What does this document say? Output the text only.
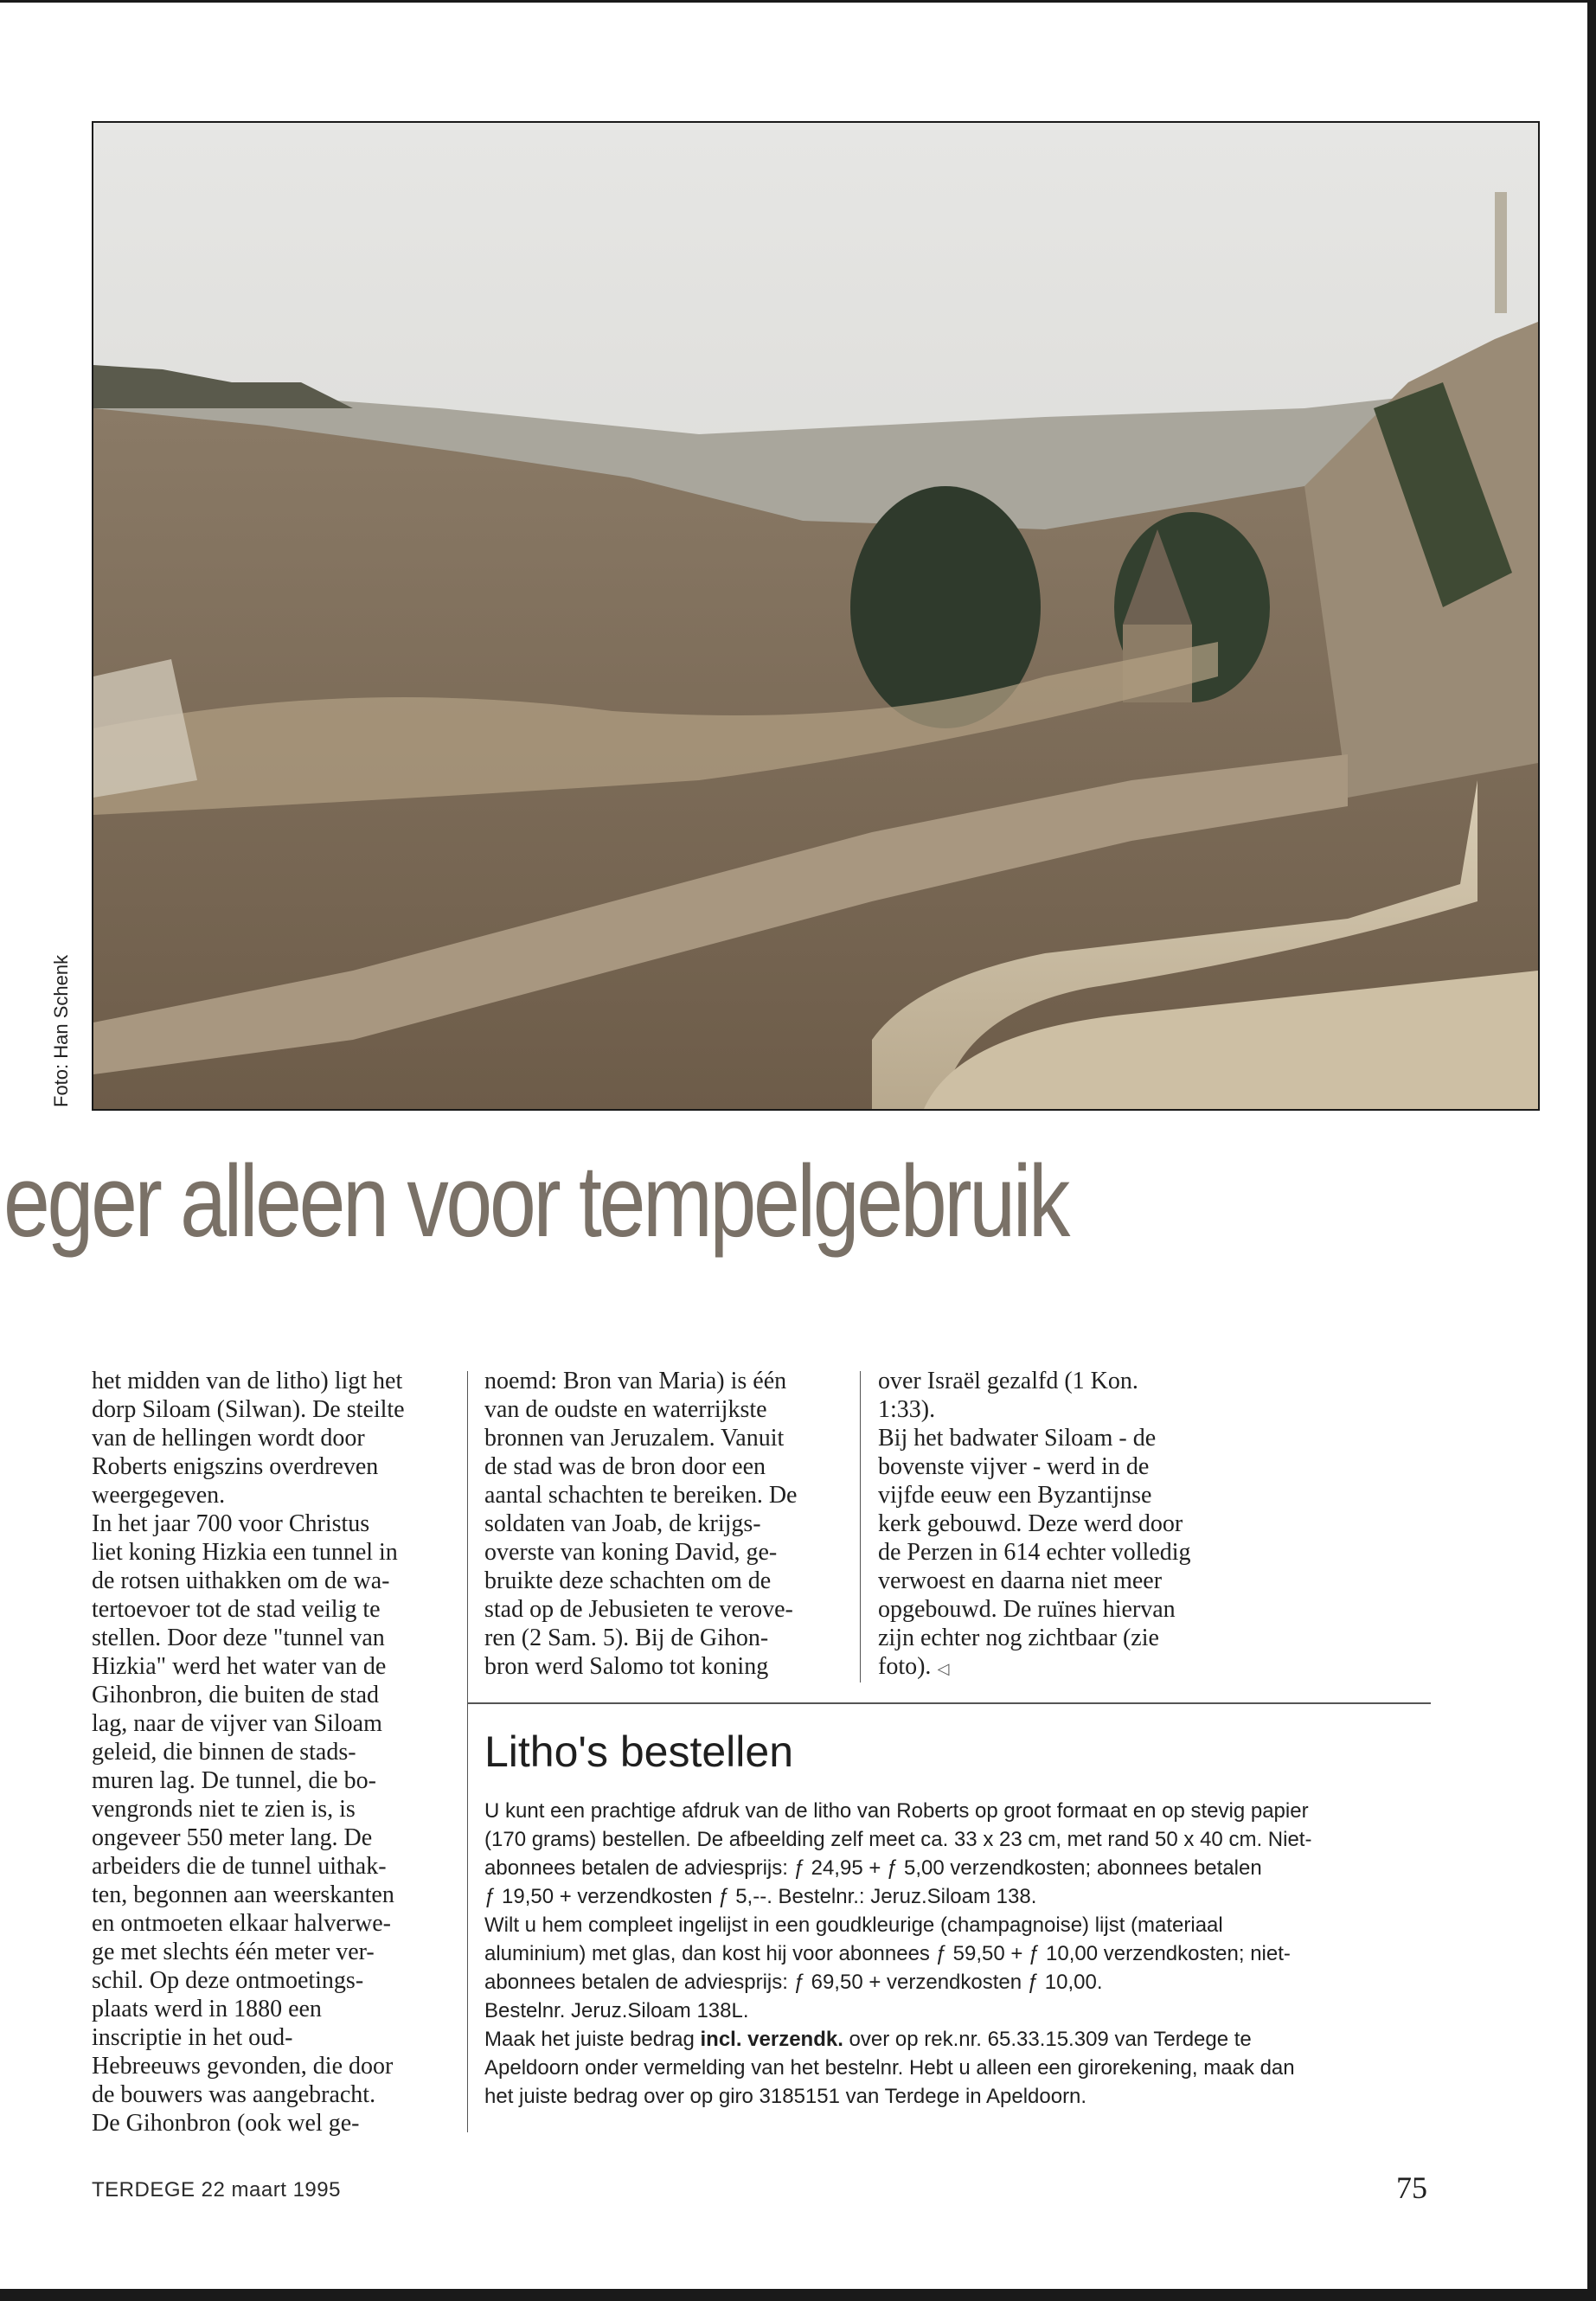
Foto: Han Schenk
eger alleen voor tempelgebruik

het midden van de litho) ligt het

dorp Siloam (Silwan). De steilte

van de hellingen wordt door

Roberts enigszins overdreven

weergegeven.

In het jaar 700 voor Christus

liet koning Hizkia een tunnel in

de rotsen uithakken om de wa-

tertoevoer tot de stad veilig te

stellen. Door deze "tunnel van

Hizkia" werd het water van de

Gihonbron, die buiten de stad

lag, naar de vijver van Siloam

geleid, die binnen de stads-

muren lag. De tunnel, die bo-

vengronds niet te zien is, is

ongeveer 550 meter lang. De

arbeiders die de tunnel uithak-

ten, begonnen aan weerskanten

en ontmoeten elkaar halverwe-

ge met slechts één meter ver-

schil. Op deze ontmoetings-

plaats werd in 1880 een

inscriptie in het oud-

Hebreeuws gevonden, die door

de bouwers was aangebracht.

De Gihonbron (ook wel ge-

noemd: Bron van Maria) is één

van de oudste en waterrijkste

bronnen van Jeruzalem. Vanuit

de stad was de bron door een

aantal schachten te bereiken. De

soldaten van Joab, de krijgs-

overste van koning David, ge-

bruikte deze schachten om de

stad op de Jebusieten te verove-

ren (2 Sam. 5). Bij de Gihon-

bron werd Salomo tot koning

over Israël gezalfd (1 Kon.

1:33).

Bij het badwater Siloam - de

bovenste vijver - werd in de

vijfde eeuw een Byzantijnse

kerk gebouwd. Deze werd door

de Perzen in 614 echter volledig

verwoest en daarna niet meer

opgebouwd. De ruïnes hiervan

zijn echter nog zichtbaar (zie

foto). ◁

Litho's bestellen

U kunt een prachtige afdruk van de litho van Roberts op groot formaat en op stevig papier

(170 grams) bestellen. De afbeelding zelf meet ca. 33 x 23 cm, met rand 50 x 40 cm. Niet-

abonnees betalen de adviesprijs: ƒ 24,95 + ƒ 5,00 verzendkosten; abonnees betalen

ƒ 19,50 + verzendkosten ƒ 5,--. Bestelnr.: Jeruz.Siloam 138.

Wilt u hem compleet ingelijst in een goudkleurige (champagnoise) lijst (materiaal

aluminium) met glas, dan kost hij voor abonnees ƒ 59,50 + ƒ 10,00 verzendkosten; niet-

abonnees betalen de adviesprijs: ƒ 69,50 + verzendkosten ƒ 10,00.

Bestelnr. Jeruz.Siloam 138L.

Maak het juiste bedrag incl. verzendk. over op rek.nr. 65.33.15.309 van Terdege te

Apeldoorn onder vermelding van het bestelnr. Hebt u alleen een girorekening, maak dan

het juiste bedrag over op giro 3185151 van Terdege in Apeldoorn.

TERDEGE 22 maart 1995	75
